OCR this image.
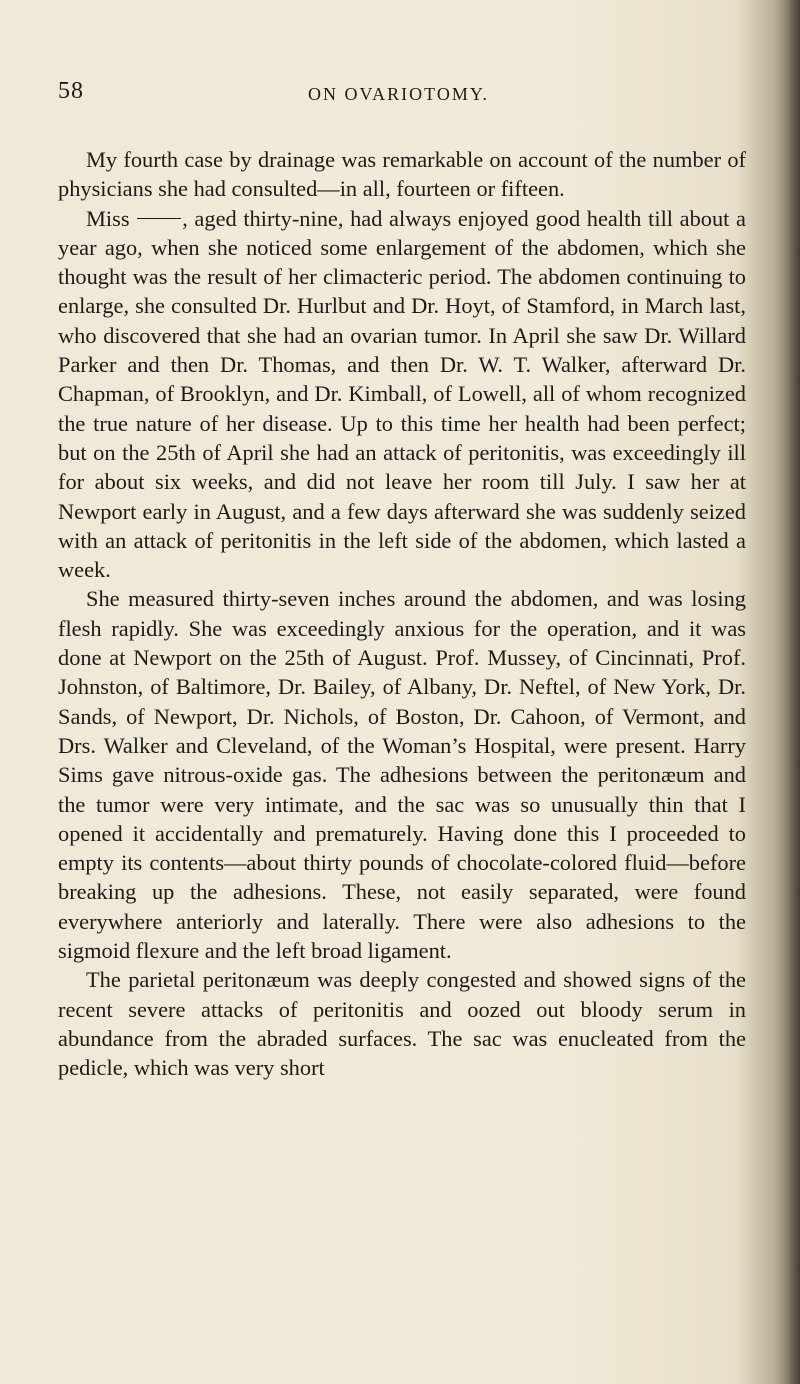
58	ON OVARIOTOMY.

My fourth case by drainage was remarkable on account of the number of physicians she had consulted—in all, fourteen or fifteen.

Miss , aged thirty-nine, had always enjoyed good health till about a year ago, when she noticed some enlargement of the abdomen, which she thought was the result of her climacteric period. The abdomen continuing to enlarge, she consulted Dr. Hurlbut and Dr. Hoyt, of Stamford, in March last, who discovered that she had an ovarian tumor. In April she saw Dr. Willard Parker and then Dr. Thomas, and then Dr. W. T. Walker, afterward Dr. Chapman, of Brooklyn, and Dr. Kimball, of Lowell, all of whom recognized the true nature of her disease. Up to this time her health had been perfect; but on the 25th of April she had an attack of peritonitis, was exceedingly ill for about six weeks, and did not leave her room till July. I saw her at Newport early in August, and a few days afterward she was suddenly seized with an attack of peritonitis in the left side of the abdomen, which lasted a week.

She measured thirty-seven inches around the abdomen, and was losing flesh rapidly. She was exceedingly anxious for the operation, and it was done at Newport on the 25th of August. Prof. Mussey, of Cincinnati, Prof. Johnston, of Baltimore, Dr. Bailey, of Albany, Dr. Neftel, of New York, Dr. Sands, of Newport, Dr. Nichols, of Boston, Dr. Cahoon, of Vermont, and Drs. Walker and Cleveland, of the Woman’s Hospital, were present. Harry Sims gave nitrous-oxide gas. The adhesions between the peritonæum and the tumor were very intimate, and the sac was so unusually thin that I opened it accidentally and prematurely. Having done this I proceeded to empty its contents—about thirty pounds of chocolate-colored fluid—before breaking up the adhesions. These, not easily separated, were found everywhere anteriorly and laterally. There were also adhesions to the sigmoid flexure and the left broad ligament.

The parietal peritonæum was deeply congested and showed signs of the recent severe attacks of peritonitis and oozed out bloody serum in abundance from the abraded surfaces. The sac was enucleated from the pedicle, which was very short
